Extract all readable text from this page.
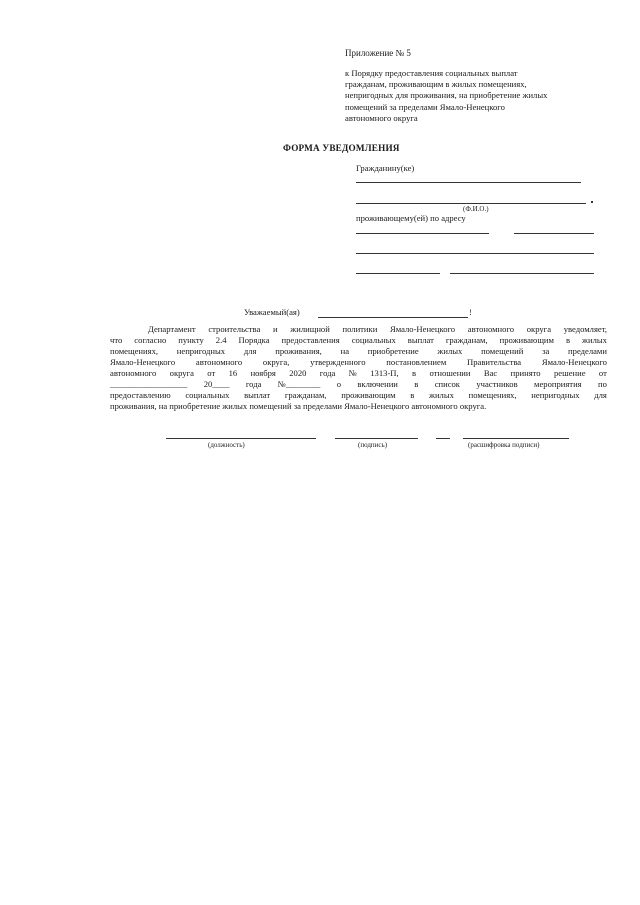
Приложение № 5
к Порядку предоставления социальных выплат
гражданам, проживающим в жилых помещениях,
непригодных для проживания, на приобретение жилых
помещений за пределами Ямало-Ненецкого
автономного округа
ФОРМА УВЕДОМЛЕНИЯ
Гражданину(ке)
(Ф.И.О.)
проживающему(ей) по адресу
Уважаемый(ая)	!
Департамент строительства и жилищной политики Ямало-Ненецкого автономного округа уведомляет,
что согласно пункту 2.4 Порядка предоставления социальных выплат гражданам, проживающим в жилых
помещениях, непригодных для проживания, на приобретение жилых помещений за пределами
Ямало-Ненецкого автономного округа, утвержденного постановлением Правительства Ямало-Ненецкого
автономного округа от 16 ноября 2020 года № 1313-П, в отношении Вас принято решение от
__________________ 20____ года №________ о включении в список участников мероприятия по
предоставлению социальных выплат гражданам, проживающим в жилых помещениях, непригодных для
проживания, на приобретение жилых помещений за пределами Ямало-Ненецкого автономного округа.
(должность)	(подпись)	(расшифровка подписи)
